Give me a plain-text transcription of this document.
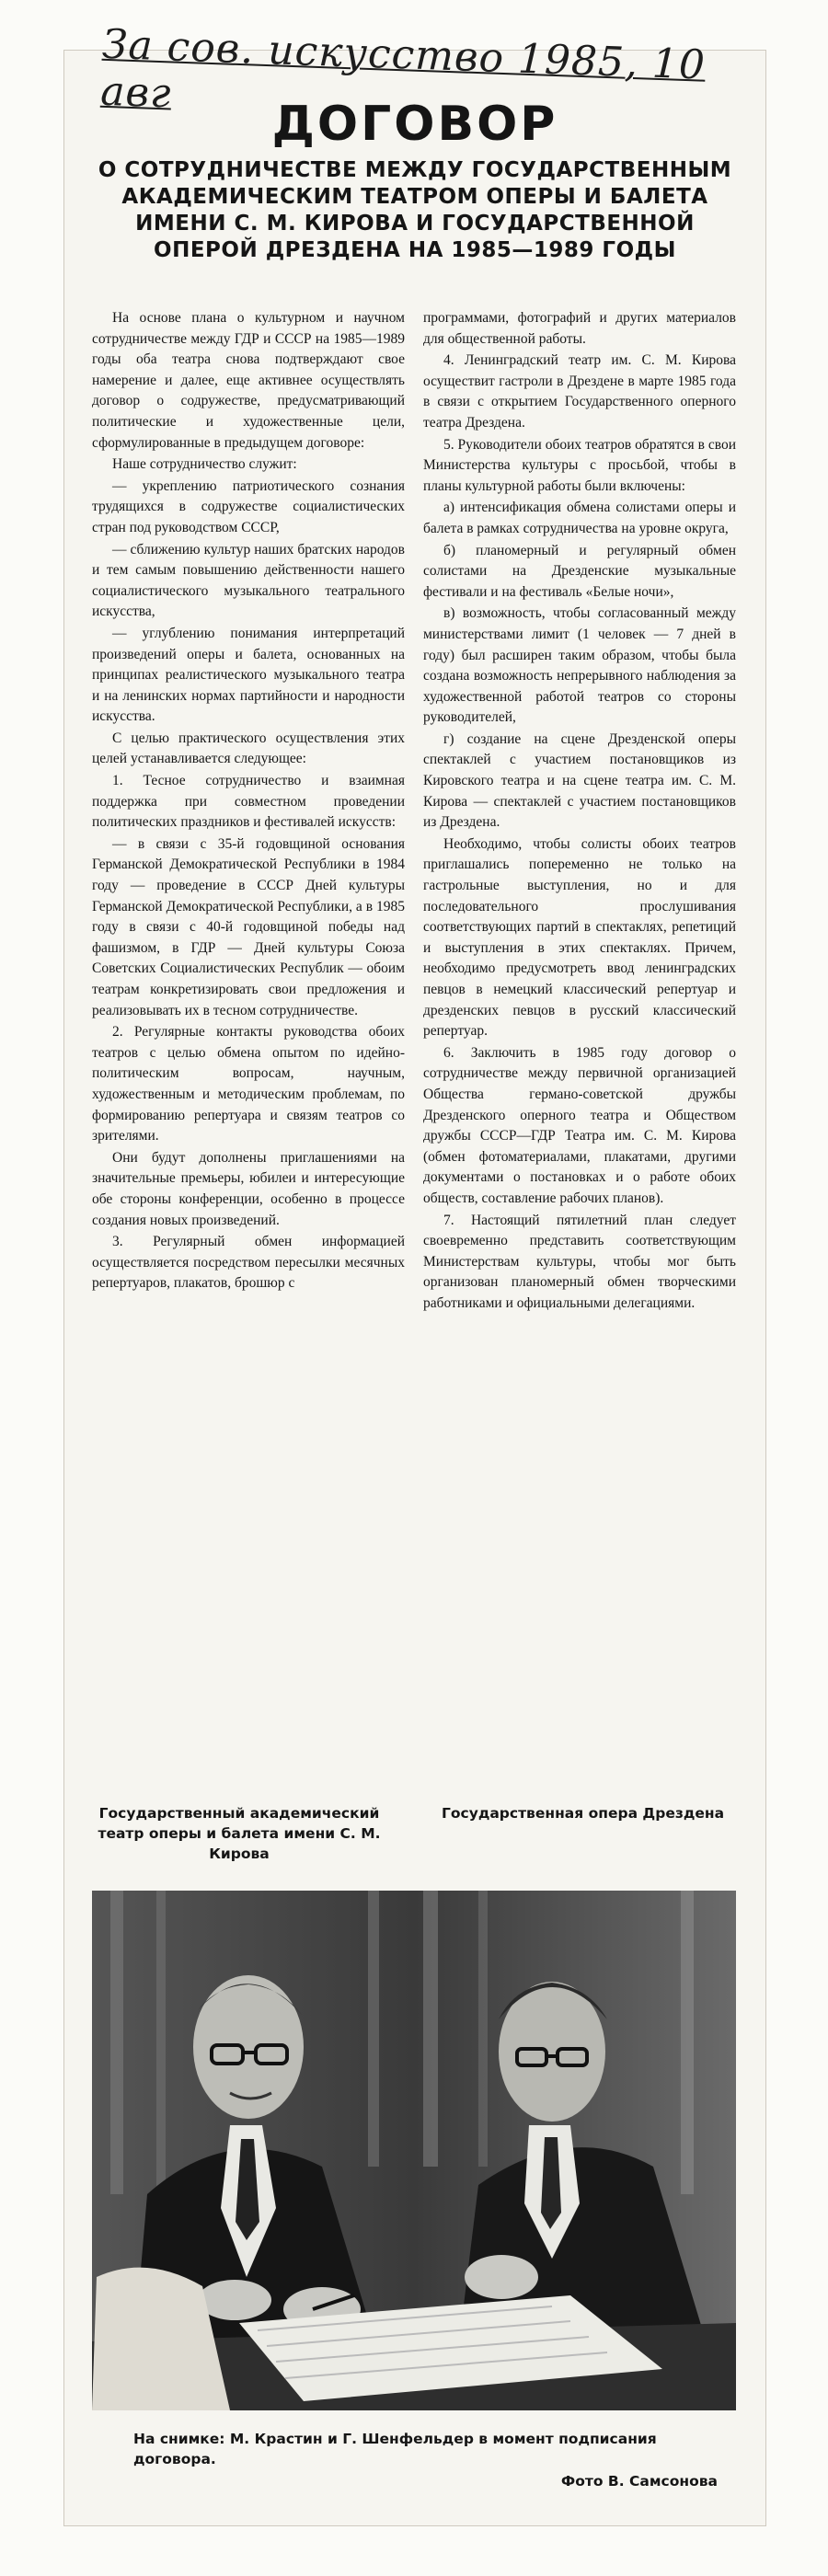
За сов. искусство 1985, 10 авг
ДОГОВОР
О СОТРУДНИЧЕСТВЕ МЕЖДУ ГОСУДАРСТВЕННЫМ АКАДЕМИЧЕСКИМ ТЕАТРОМ ОПЕРЫ И БАЛЕТА ИМЕНИ С. М. КИРОВА И ГОСУДАРСТВЕННОЙ ОПЕРОЙ ДРЕЗДЕНА НА 1985—1989 ГОДЫ

На основе плана о культурном и научном сотрудничестве между ГДР и СССР на 1985—1989 годы оба театра снова подтверждают свое намерение и далее, еще активнее осуществлять договор о содружестве, предусматривающий политические и художественные цели, сформулированные в предыдущем договоре:

Наше сотрудничество служит:

— укреплению патриотического сознания трудящихся в содружестве социалистических стран под руководством СССР,

— сближению культур наших братских народов и тем самым повышению действенности нашего социалистического музыкального театрального искусства,

— углублению понимания интерпретаций произведений оперы и балета, основанных на принципах реалистического музыкального театра и на ленинских нормах партийности и народности искусства.

С целью практического осуществления этих целей устанавливается следующее:

1. Тесное сотрудничество и взаимная поддержка при совместном проведении политических праздников и фестивалей искусств:

— в связи с 35-й годовщиной основания Германской Демократической Республики в 1984 году — проведение в СССР Дней культуры Германской Демократической Республики, а в 1985 году в связи с 40-й годовщиной победы над фашизмом, в ГДР — Дней культуры Союза Советских Социалистических Республик — обоим театрам конкретизировать свои предложения и реализовывать их в тесном сотрудничестве.

2. Регулярные контакты руководства обоих театров с целью обмена опытом по идейно-политическим вопросам, научным, художественным и методическим проблемам, по формированию репертуара и связям театров со зрителями.

Они будут дополнены приглашениями на значительные премьеры, юбилеи и интересующие обе стороны конференции, особенно в процессе создания новых произведений.

3. Регулярный обмен информацией осуществляется посредством пересылки месячных репертуаров, плакатов, брошюр с

программами, фотографий и других материалов для общественной работы.

4. Ленинградский театр им. С. М. Кирова осуществит гастроли в Дрездене в марте 1985 года в связи с открытием Государственного оперного театра Дрездена.

5. Руководители обоих театров обратятся в свои Министерства культуры с просьбой, чтобы в планы культурной работы были включены:

а) интенсификация обмена солистами оперы и балета в рамках сотрудничества на уровне округа,

б) планомерный и регулярный обмен солистами на Дрезденские музыкальные фестивали и на фестиваль «Белые ночи»,

в) возможность, чтобы согласованный между министерствами лимит (1 человек — 7 дней в году) был расширен таким образом, чтобы была создана возможность непрерывного наблюдения за художественной работой театров со стороны руководителей,

г) создание на сцене Дрезденской оперы спектаклей с участием постановщиков из Кировского театра и на сцене театра им. С. М. Кирова — спектаклей с участием постановщиков из Дрездена.

Необходимо, чтобы солисты обоих театров приглашались попеременно не только на гастрольные выступления, но и для последовательного прослушивания соответствующих партий в спектаклях, репетиций и выступления в этих спектаклях. Причем, необходимо предусмотреть ввод ленинградских певцов в немецкий классический репертуар и дрезденских певцов в русский классический репертуар.

6. Заключить в 1985 году договор о сотрудничестве между первичной организацией Общества германо-советской дружбы Дрезденского оперного театра и Обществом дружбы СССР—ГДР Театра им. С. М. Кирова (обмен фотоматериалами, плакатами, другими документами о постановках и о работе обоих обществ, составление рабочих планов).

7. Настоящий пятилетний план следует своевременно представить соответствующим Министерствам культуры, чтобы мог быть организован планомерный обмен творческими работниками и официальными делегациями.

Государственный академический театр оперы и балета имени С. М. Кирова
Государственная опера Дрездена
На снимке: М. Крастин и Г. Шенфельдер в момент подписания договора.
Фото В. Самсонова
